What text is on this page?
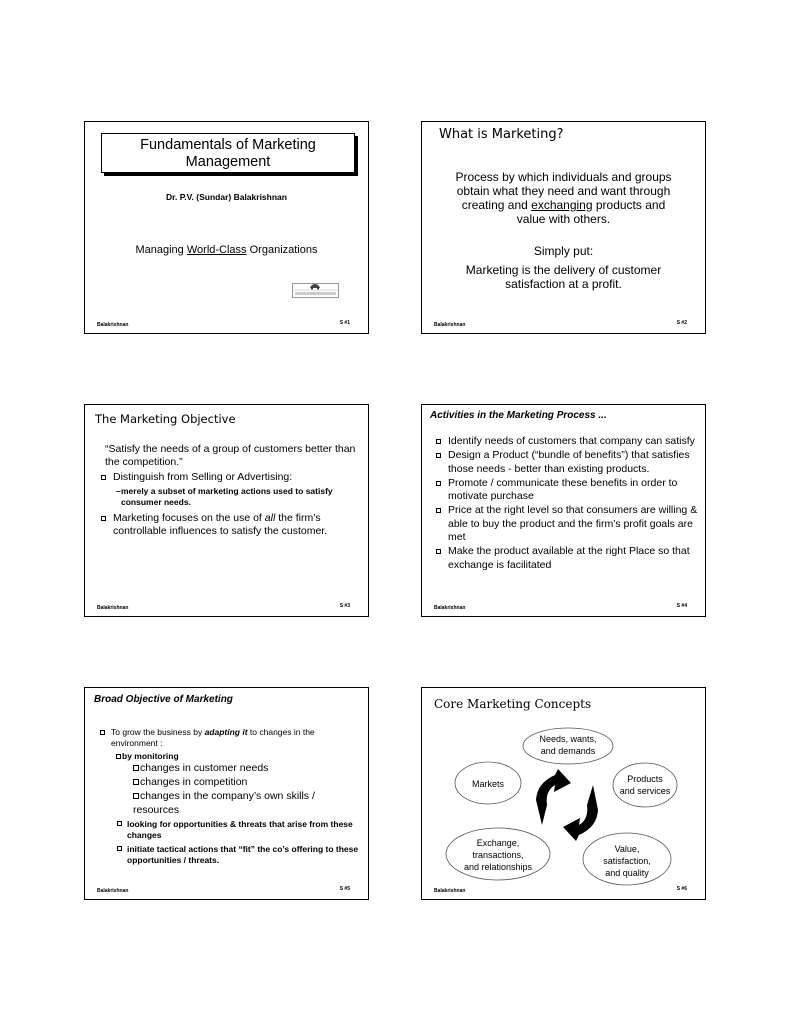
Fundamentals of Marketing
Management
Dr. P.V. (Sundar) Balakrishnan
Managing World-Class Organizations
Balakrishnan	S #1
What is Marketing?
Process by which individuals and groups
obtain what they need and want through
creating and exchanging products and
value with others.
Simply put:
Marketing is the delivery of customer
satisfaction at a profit.
Balakrishnan	S #2
The Marketing Objective
“Satisfy the needs of a group of customers better than the competition.”
Distinguish from Selling or Advertising:
– merely a subset of marketing actions used to satisfy consumer needs.
Marketing focuses on the use of all the firm’s controllable influences to satisfy the customer.
Balakrishnan	S #3
Activities in the Marketing Process ...
Identify needs of customers that company can satisfy
Design a Product (“bundle of benefits”) that satisfies those needs - better than existing products.
Promote / communicate these benefits in order to motivate purchase
Price at the right level so that consumers are willing & able to buy the product and the firm’s profit goals are met
Make the product available at the right Place so that exchange is facilitated
Balakrishnan	S #4
Broad Objective of Marketing
To grow the business by adapting it to changes in the environment :
by monitoring
changes in customer needs
changes in competition
changes in the company’s own skills / resources
looking for opportunities & threats that arise from these changes
initiate tactical actions that “fit” the co’s offering to these opportunities / threats.
Balakrishnan	S #5
Core Marketing Concepts
Needs, wants,
and demands
Markets	Products
and services
Exchange,
transactions,
and relationships
Value,
satisfaction,
and quality
Balakrishnan	S #6
